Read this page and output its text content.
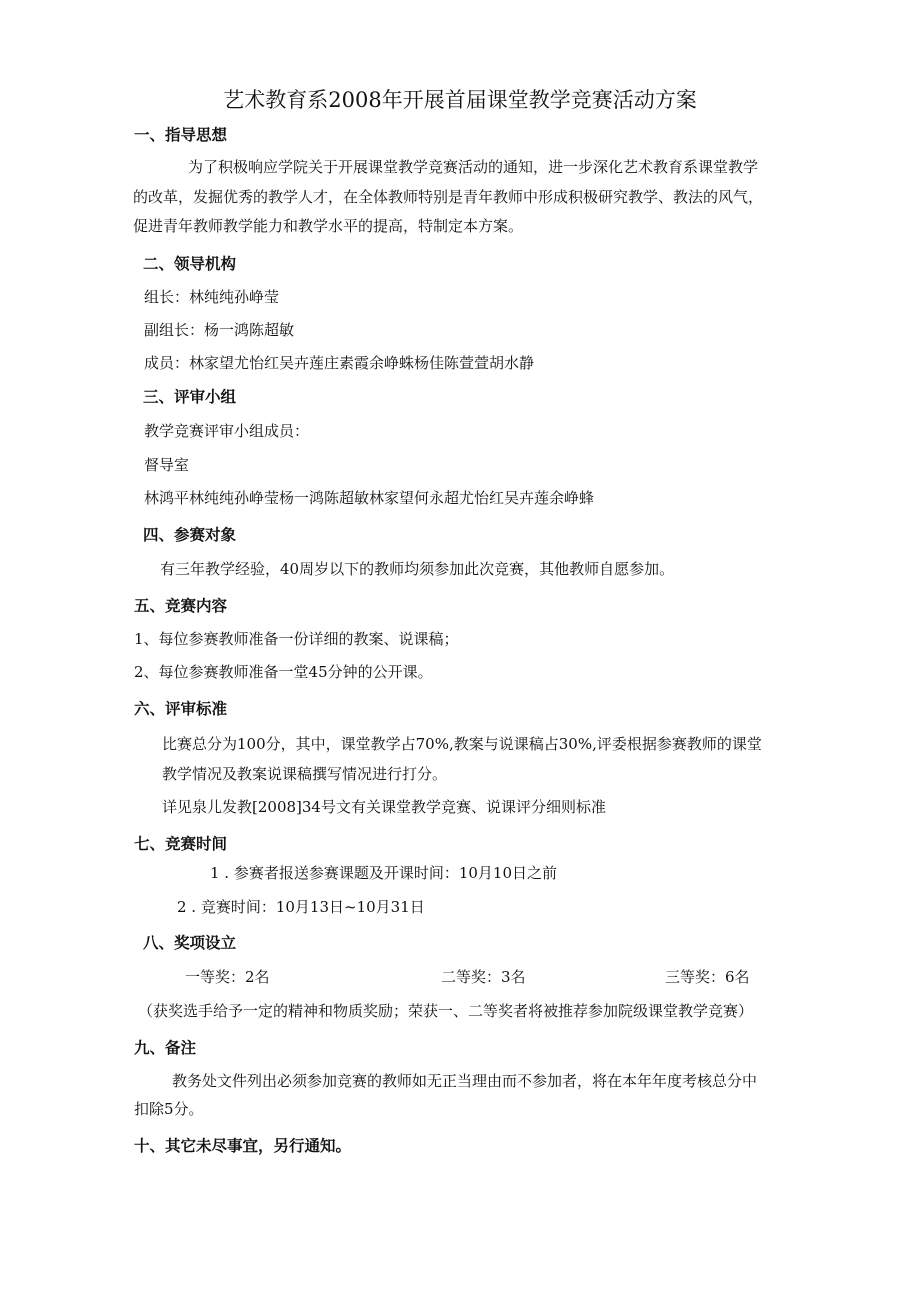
艺术教育系2008年开展首届课堂教学竞赛活动方案
一、指导思想
为了积极响应学院关于开展课堂教学竞赛活动的通知，进一步深化艺术教育系课堂教学
的改革，发掘优秀的教学人才，在全体教师特别是青年教师中形成积极研究教学、教法的风气，
促进青年教师教学能力和教学水平的提高，特制定本方案。
二、领导机构
组长：林纯纯孙峥莹
副组长：杨一鸿陈超敏
成员：林家望尤怡红吴卉莲庄素霞余峥蛛杨佳陈萱萱胡水静
三、评审小组
教学竞赛评审小组成员：
督导室
林鸿平林纯纯孙峥莹杨一鸿陈超敏林家望何永超尤怡红吴卉莲余峥蜂
四、参赛对象
有三年教学经验，40周岁以下的教师均须参加此次竞赛，其他教师自愿参加。
五、竞赛内容
1、每位参赛教师准备一份详细的教案、说课稿；
2、每位参赛教师准备一堂45分钟的公开课。
六、评审标准
比赛总分为100分，其中，课堂教学占70%,教案与说课稿占30%,评委根据参赛教师的课堂
教学情况及教案说课稿撰写情况进行打分。
详见泉儿发教[2008]34号文有关课堂教学竞赛、说课评分细则标准
七、竞赛时间
1 . 参赛者报送参赛课题及开课时间：10月10日之前
2 . 竞赛时间：10月13日~10月31日
八、奖项设立
一等奖：2名	二等奖：3名	三等奖：6名
（获奖选手给予一定的精神和物质奖励；荣获一、二等奖者将被推荐参加院级课堂教学竞赛）
九、备注
教务处文件列出必须参加竞赛的教师如无正当理由而不参加者，将在本年年度考核总分中
扣除5分。
十、其它未尽事宜，另行通知。
